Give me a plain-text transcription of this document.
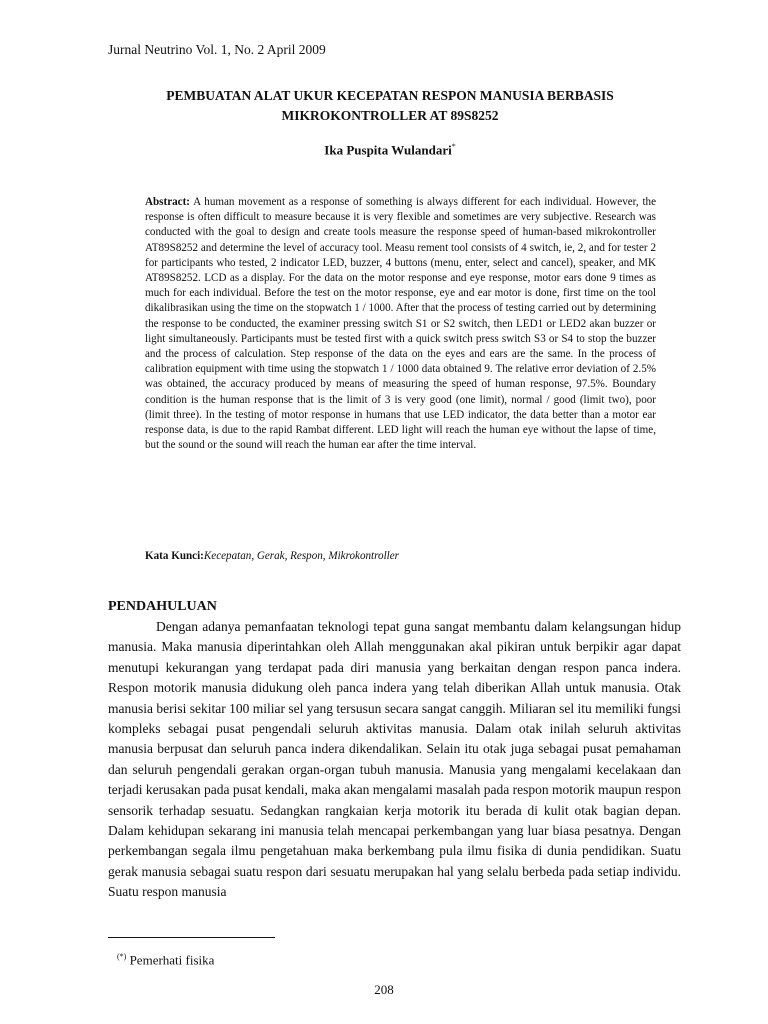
Jurnal Neutrino Vol. 1, No. 2 April 2009
PEMBUATAN ALAT UKUR KECEPATAN RESPON MANUSIA BERBASIS
MIKROKONTROLLER AT 89S8252
Ika Puspita Wulandari*
Abstract: A human movement as a response of something is always different for each individual. However, the response is often difficult to measure because it is very flexible and sometimes are very subjective. Research was conducted with the goal to design and create tools measure the response speed of human-based mikrokontroller AT89S8252 and determine the level of accuracy tool. Measu rement tool consists of 4 switch, ie, 2, and for tester 2 for participants who tested, 2 indicator LED, buzzer, 4 buttons (menu, enter, select and cancel), speaker, and MK AT89S8252. LCD as a display. For the data on the motor response and eye response, motor ears done 9 times as much for each individual. Before the test on the motor response, eye and ear motor is done, first time on the tool dikalibrasikan using the time on the stopwatch 1 / 1000. After that the process of testing carried out by determining the response to be conducted, the examiner pressing switch S1 or S2 switch, then LED1 or LED2 akan buzzer or light simultaneously. Participants must be tested first with a quick switch press switch S3 or S4 to stop the buzzer and the process of calculation. Step response of the data on the eyes and ears are the same. In the process of calibration equipment with time using the stopwatch 1 / 1000 data obtained 9. The relative error deviation of 2.5% was obtained, the accuracy produced by means of measuring the speed of human response, 97.5%. Boundary condition is the human response that is the limit of 3 is very good (one limit), normal / good (limit two), poor (limit three). In the testing of motor response in humans that use LED indicator, the data better than a motor ear response data, is due to the rapid Rambat different. LED light will reach the human eye without the lapse of time, but the sound or the sound will reach the human ear after the time interval.
Kata Kunci:Kecepatan, Gerak, Respon, Mikrokontroller
PENDAHULUAN

Dengan adanya pemanfaatan teknologi tepat guna sangat membantu dalam kelangsungan hidup manusia. Maka manusia diperintahkan oleh Allah menggunakan akal pikiran untuk berpikir agar dapat menutupi kekurangan yang terdapat pada diri manusia yang berkaitan dengan respon panca indera. Respon motorik manusia didukung oleh panca indera yang telah diberikan Allah untuk manusia. Otak manusia berisi sekitar 100 miliar sel yang tersusun secara sangat canggih. Miliaran sel itu memiliki fungsi kompleks sebagai pusat pengendali seluruh aktivitas manusia. Dalam otak inilah seluruh aktivitas manusia berpusat dan seluruh panca indera dikendalikan. Selain itu otak juga sebagai pusat pemahaman dan seluruh pengendali gerakan organ-organ tubuh manusia. Manusia yang mengalami kecelakaan dan terjadi kerusakan pada pusat kendali, maka akan mengalami masalah pada respon motorik maupun respon sensorik terhadap sesuatu. Sedangkan rangkaian kerja motorik itu berada di kulit otak bagian depan. Dalam kehidupan sekarang ini manusia telah mencapai perkembangan yang luar biasa pesatnya. Dengan perkembangan segala ilmu pengetahuan maka berkembang pula ilmu fisika di dunia pendidikan. Suatu gerak manusia sebagai suatu respon dari sesuatu merupakan hal yang selalu berbeda pada setiap individu. Suatu respon manusia

(*) Pemerhati fisika
208
